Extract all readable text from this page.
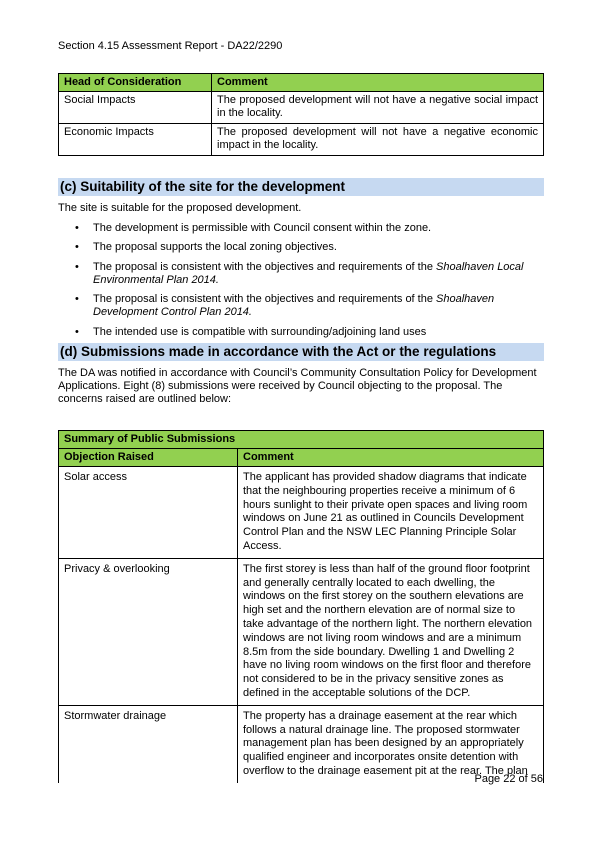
Section 4.15 Assessment Report - DA22/2290
Head of Consideration	Comment
Social Impacts	The proposed development will not have a negative social impact in the locality.
Economic Impacts	The proposed development will not have a negative economic impact in the locality.
(c) Suitability of the site for the development
The site is suitable for the proposed development.
• The development is permissible with Council consent within the zone.
• The proposal supports the local zoning objectives.
• The proposal is consistent with the objectives and requirements of the Shoalhaven Local Environmental Plan 2014.
• The proposal is consistent with the objectives and requirements of the Shoalhaven Development Control Plan 2014.
• The intended use is compatible with surrounding/adjoining land uses
(d) Submissions made in accordance with the Act or the regulations
The DA was notified in accordance with Council’s Community Consultation Policy for Development Applications. Eight (8) submissions were received by Council objecting to the proposal. The concerns raised are outlined below:
Summary of Public Submissions	
Objection Raised	Comment
Solar access	The applicant has provided shadow diagrams that indicate that the neighbouring properties receive a minimum of 6 hours sunlight to their private open spaces and living room windows on June 21 as outlined in Councils Development Control Plan and the NSW LEC Planning Principle Solar Access.
Privacy & overlooking	The first storey is less than half of the ground floor footprint and generally centrally located to each dwelling, the windows on the first storey on the southern elevations are high set and the northern elevation are of normal size to take advantage of the northern light. The northern elevation windows are not living room windows and are a minimum 8.5m from the side boundary. Dwelling 1 and Dwelling 2 have no living room windows on the first floor and therefore not considered to be in the privacy sensitive zones as defined in the acceptable solutions of the DCP.
Stormwater drainage	The property has a drainage easement at the rear which follows a natural drainage line. The proposed stormwater management plan has been designed by an appropriately qualified engineer and incorporates onsite detention with overflow to the drainage easement pit at the rear. The plan
Page 22 of 56
